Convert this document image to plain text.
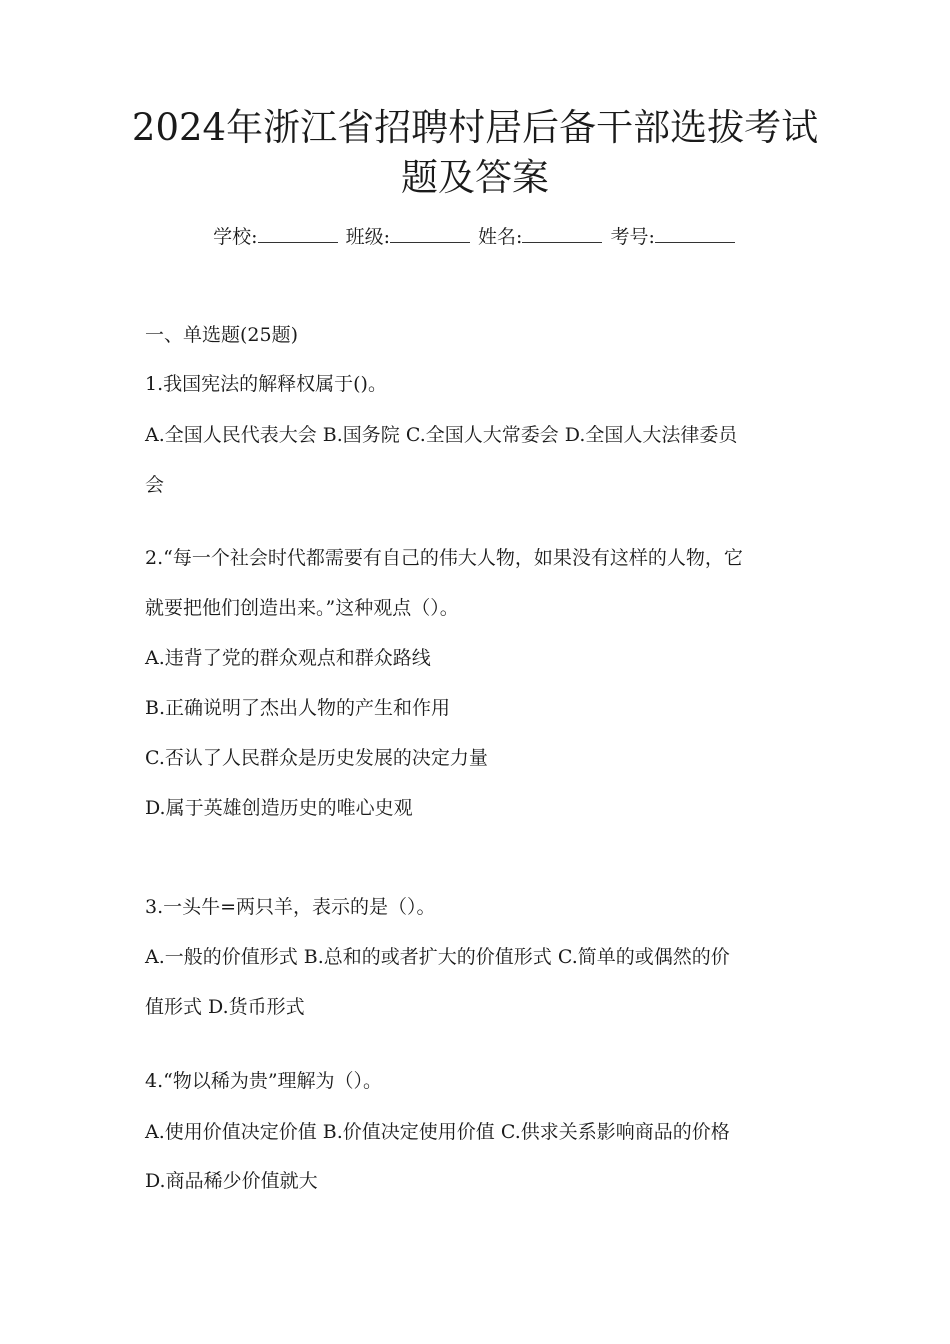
2024年浙江省招聘村居后备干部选拔考试
题及答案
学校:	班级:	姓名:	考号:
一、单选题(25题)
1.我国宪法的解释权属于()。
A.全国人民代表大会 B.国务院 C.全国人大常委会 D.全国人大法律委员
会
2.“每一个社会时代都需要有自己的伟大人物，如果没有这样的人物，它
就要把他们创造出来。”这种观点（）。
A.违背了党的群众观点和群众路线
B.正确说明了杰出人物的产生和作用
C.否认了人民群众是历史发展的决定力量
D.属于英雄创造历史的唯心史观
3.一头牛=两只羊，表示的是（）。
A.一般的价值形式 B.总和的或者扩大的价值形式 C.简单的或偶然的价
值形式 D.货币形式
4.“物以稀为贵”理解为（）。
A.使用价值决定价值 B.价值决定使用价值 C.供求关系影响商品的价格
D.商品稀少价值就大
